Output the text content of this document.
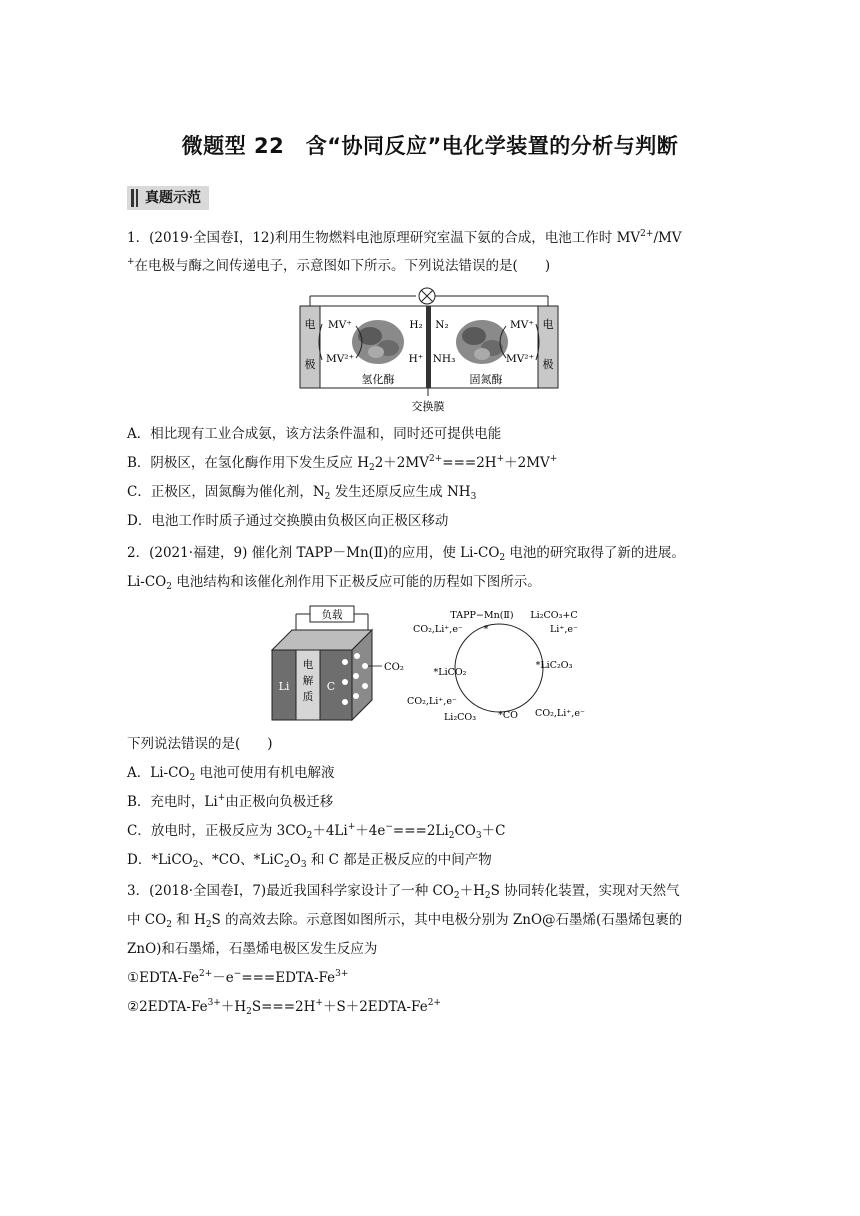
微题型 22　含“协同反应”电化学装置的分析与判断
真题示范
1．(2019·全国卷Ⅰ，12)利用生物燃料电池原理研究室温下氨的合成，电池工作时 $MV^{2+}/MV$
+在电极与酶之间传递电子，示意图如下所示。下列说法错误的是(　　)
电
极
电
极
MV⁺
MV²⁺
H₂
H⁺
N₂
NH₃
MV⁺
MV²⁺
氢化酶	固氮酶
交换膜
A．相比现有工业合成氨，该方法条件温和，同时还可提供电能
B．阴极区，在氢化酶作用下发生反应 $H_22+2MV^{2+}===2H^++2MV^+$
C．正极区，固氮酶为催化剂，$N_2$ 发生还原反应生成 $NH_3$
D．电池工作时质子通过交换膜由负极区向正极区移动
2．(2021·福建，9) 催化剂 TAPP－Mn(Ⅱ)的应用，使 $Li-CO_2$ 电池的研究取得了新的进展。
$Li-CO_2$ 电池结构和该催化剂作用下正极反应可能的历程如下图所示。
负载
Li
电
解
质
C
CO₂
TAPP−Mn(Ⅱ)
*
Li₂CO₃+C
CO₂,Li⁺,e⁻	Li⁺,e⁻
*LiCO₂
*LiC₂O₃
CO₂,Li⁺,e⁻
Li₂CO₃ *CO CO₂,Li⁺,e⁻
下列说法错误的是(　　)
A．$Li-CO_2$ 电池可使用有机电解液
B．充电时，Li+由正极向负极迁移
C．放电时，正极反应为 $3CO_2+4Li^++4e^-===2Li_2CO_3+C$
D．*LiCO$_2$、*CO、$*LiC_2O_3$ 和 C 都是正极反应的中间产物
3．(2018·全国卷Ⅰ，7)最近我国科学家设计了一种 $CO_2+H_2S$ 协同转化装置，实现对天然气
中 $CO_2$ 和 $H_2S$ 的高效去除。示意图如图所示，其中电极分别为 ZnO@石墨烯(石墨烯包裹的
ZnO)和石墨烯，石墨烯电极区发生反应为
①EDTA-$Fe^{2+}-e^-===EDTA-Fe^{3+}$
$②2EDTA-Fe^{3+}+H_2S===2H^++S+2EDTA-Fe^{2+}$
